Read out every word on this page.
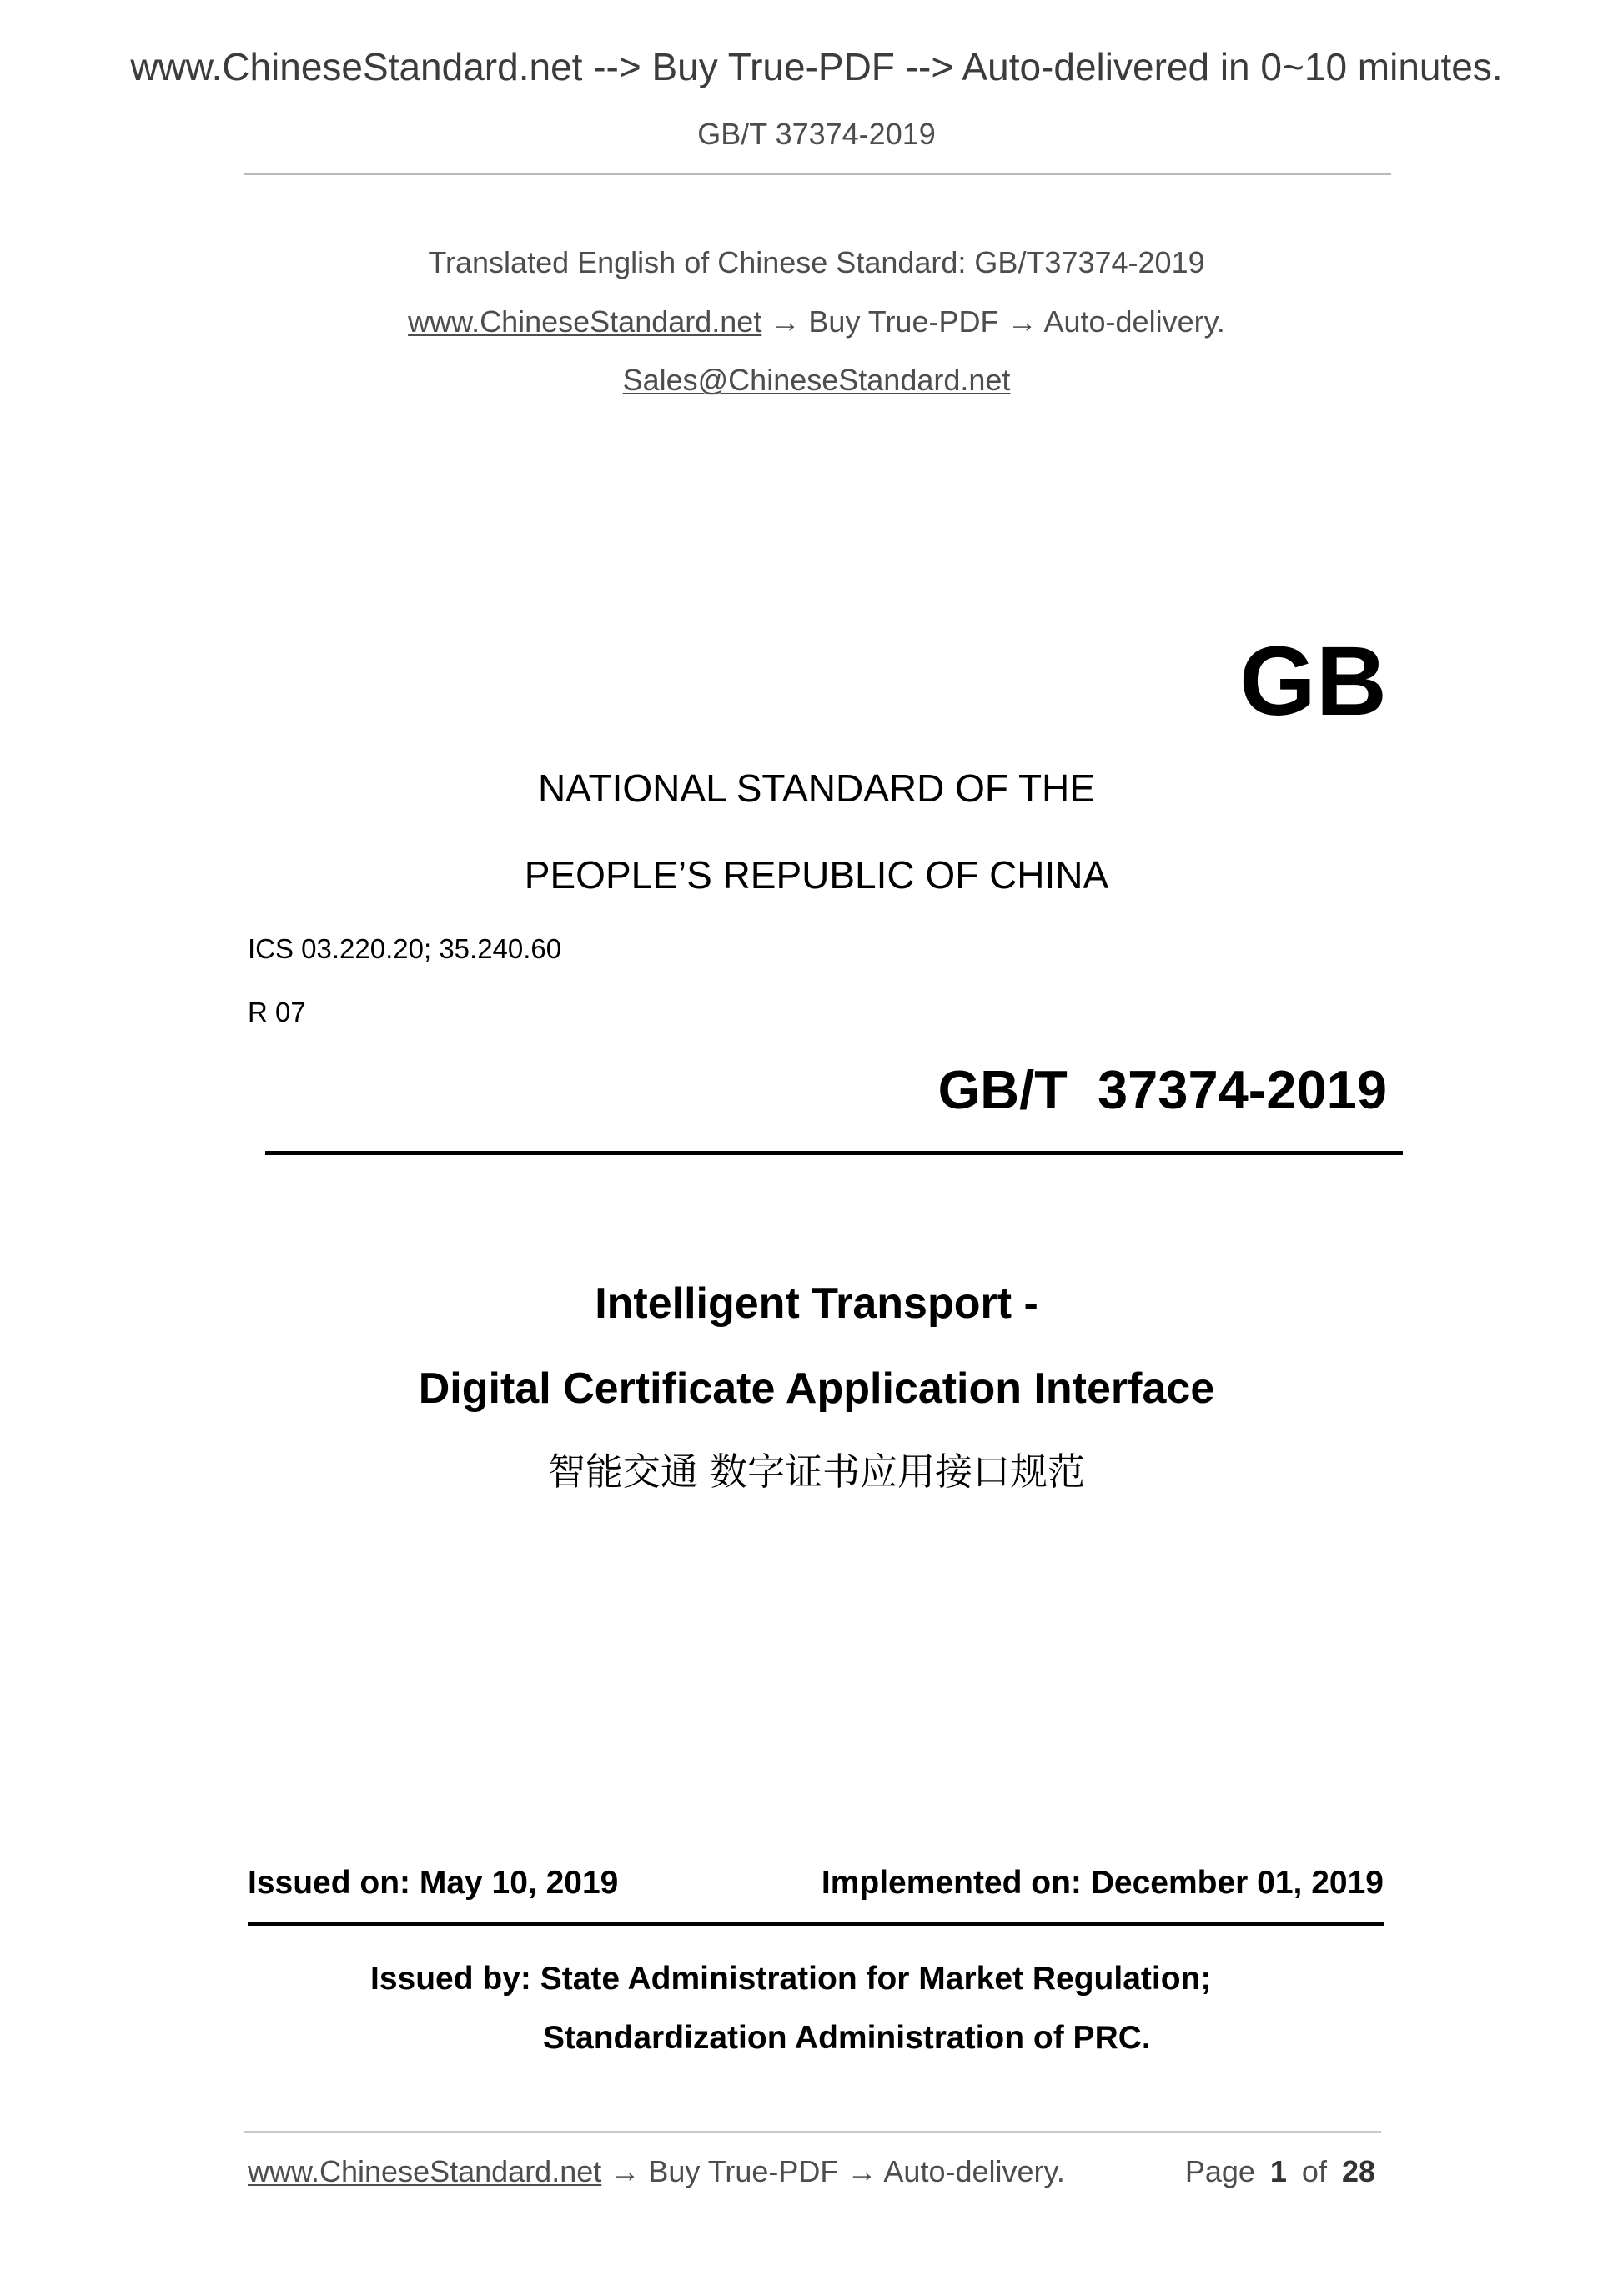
www.ChineseStandard.net --> Buy True-PDF --> Auto-delivered in 0~10 minutes.
GB/T 37374-2019
Translated English of Chinese Standard: GB/T37374-2019
www.ChineseStandard.net → Buy True-PDF → Auto-delivery.
Sales@ChineseStandard.net
GB
NATIONAL STANDARD OF THE
PEOPLE’S REPUBLIC OF CHINA
ICS 03.220.20; 35.240.60
R 07
GB/T  37374-2019
Intelligent Transport -
Digital Certificate Application Interface
智能交通 数字证书应用接口规范
Issued on: May 10, 2019	Implemented on: December 01, 2019
Issued by: State Administration for Market Regulation;
Standardization Administration of PRC.
www.ChineseStandard.net → Buy True-PDF → Auto-delivery.	Page 1 of 28
